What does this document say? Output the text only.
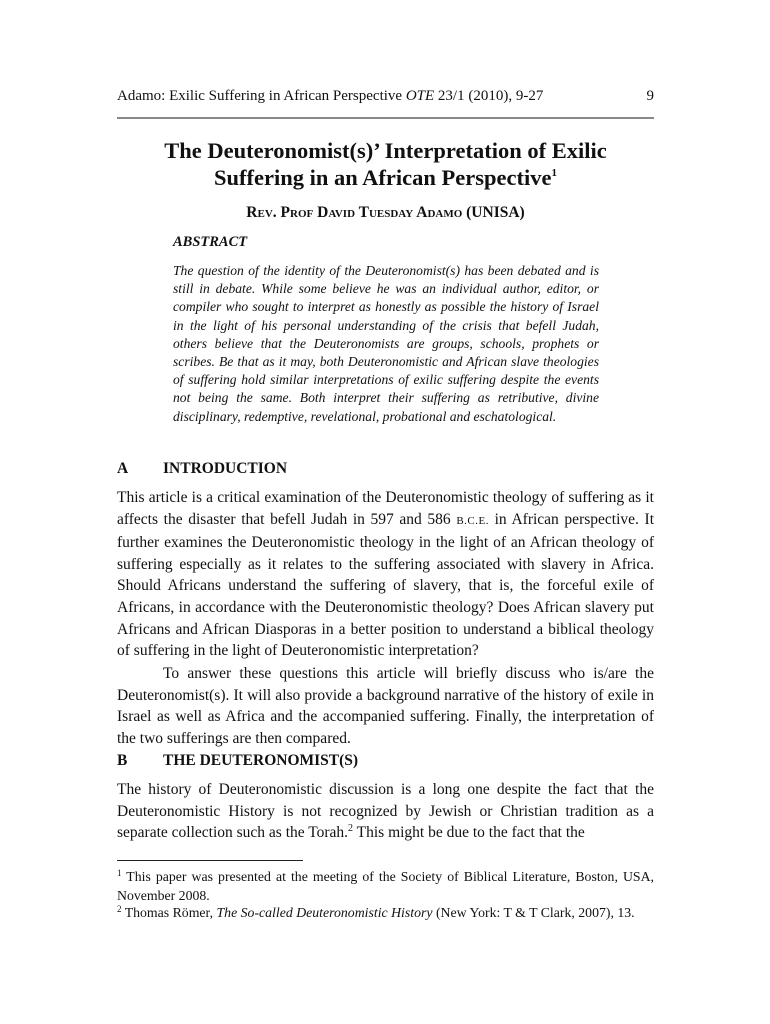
Adamo: Exilic Suffering in African Perspective OTE 23/1 (2010), 9-27	9
The Deuteronomist(s)’ Interpretation of Exilic
Suffering in an African Perspective$^1$
Rev. Prof David Tuesday Adamo (UNISA)
ABSTRACT

The question of the identity of the Deuteronomist(s) has been debated and is still in debate. While some believe he was an individual author, editor, or compiler who sought to interpret as honestly as possible the history of Israel in the light of his personal understanding of the crisis that befell Judah, others believe that the Deuteronomists are groups, schools, prophets or scribes. Be that as it may, both Deuteronomistic and African slave theologies of suffering hold similar interpretations of exilic suffering despite the events not being the same. Both interpret their suffering as retributive, divine disciplinary, redemptive, revelational, probational and eschatological.

A INTRODUCTION

This article is a critical examination of the Deuteronomistic theology of suffering as it affects the disaster that befell Judah in 597 and 586 B.C.E. in African perspective. It further examines the Deuteronomistic theology in the light of an African theology of suffering especially as it relates to the suffering associated with slavery in Africa. Should Africans understand the suffering of slavery, that is, the forceful exile of Africans, in accordance with the Deuteronomistic theology? Does African slavery put Africans and African Diasporas in a better position to understand a biblical theology of suffering in the light of Deuteronomistic interpretation?

To answer these questions this article will briefly discuss who is/are the Deuteronomist(s). It will also provide a background narrative of the history of exile in Israel as well as Africa and the accompanied suffering. Finally, the interpretation of the two sufferings are then compared.

B THE DEUTERONOMIST(S)

The history of Deuteronomistic discussion is a long one despite the fact that the Deuteronomistic History is not recognized by Jewish or Christian tradition as a separate collection such as the Torah.$^2$ This might be due to the fact that the

$^1$ This paper was presented at the meeting of the Society of Biblical Literature, Boston, USA, November 2008.

$^2$ Thomas Römer, The So-called Deuteronomistic History (New York: T & T Clark, 2007), 13.
